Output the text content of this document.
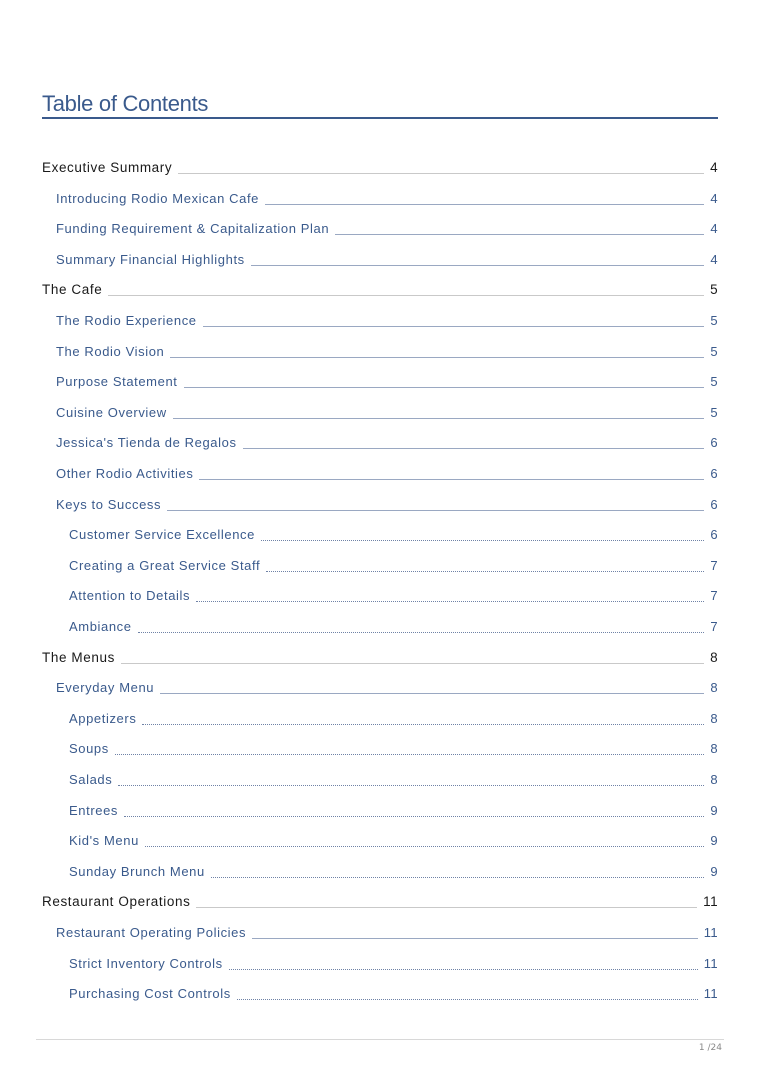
Table of Contents
Executive Summary	4
Introducing Rodio Mexican Cafe	4
Funding Requirement & Capitalization Plan	4
Summary Financial Highlights	4
The Cafe	5
The Rodio Experience	5
The Rodio Vision	5
Purpose Statement	5
Cuisine Overview	5
Jessica's Tienda de Regalos	6
Other Rodio Activities	6
Keys to Success	6
Customer Service Excellence	6
Creating a Great Service Staff	7
Attention to Details	7
Ambiance	7
The Menus	8
Everyday Menu	8
Appetizers	8
Soups	8
Salads	8
Entrees	9
Kid's Menu	9
Sunday Brunch Menu	9
Restaurant Operations	11
Restaurant Operating Policies	11
Strict Inventory Controls	11
Purchasing Cost Controls	11
1 /24
